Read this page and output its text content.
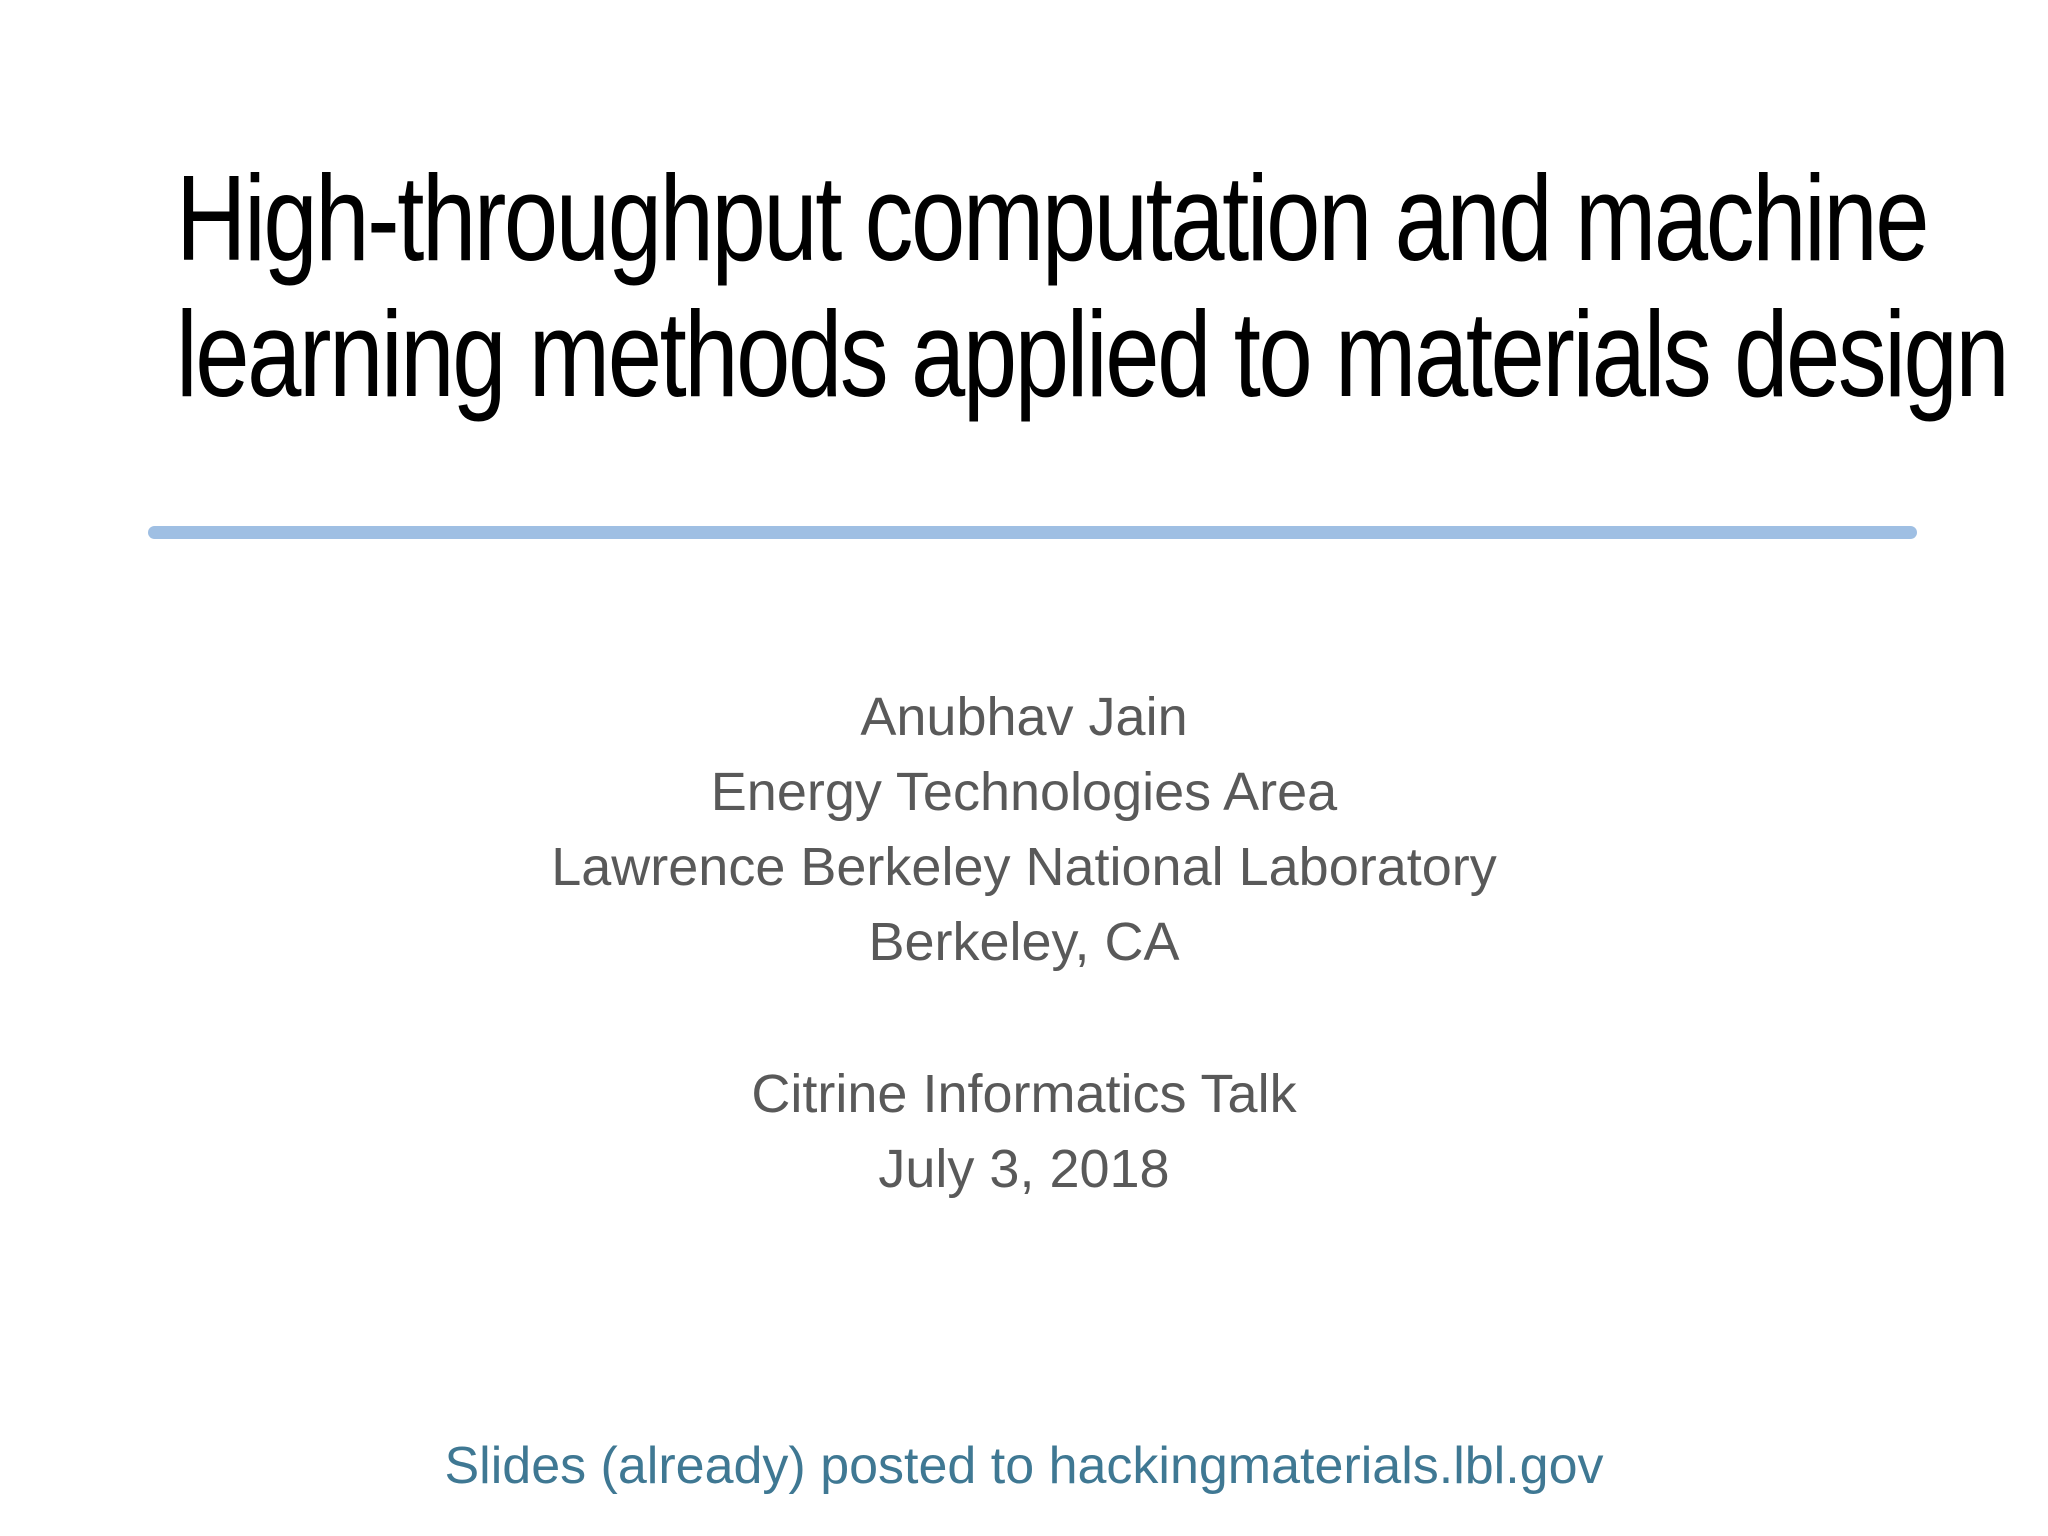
High-throughput computation and machine
learning methods applied to materials design
Anubhav Jain
Energy Technologies Area
Lawrence Berkeley National Laboratory
Berkeley, CA
Citrine Informatics Talk
July 3, 2018
Slides (already) posted to hackingmaterials.lbl.gov
